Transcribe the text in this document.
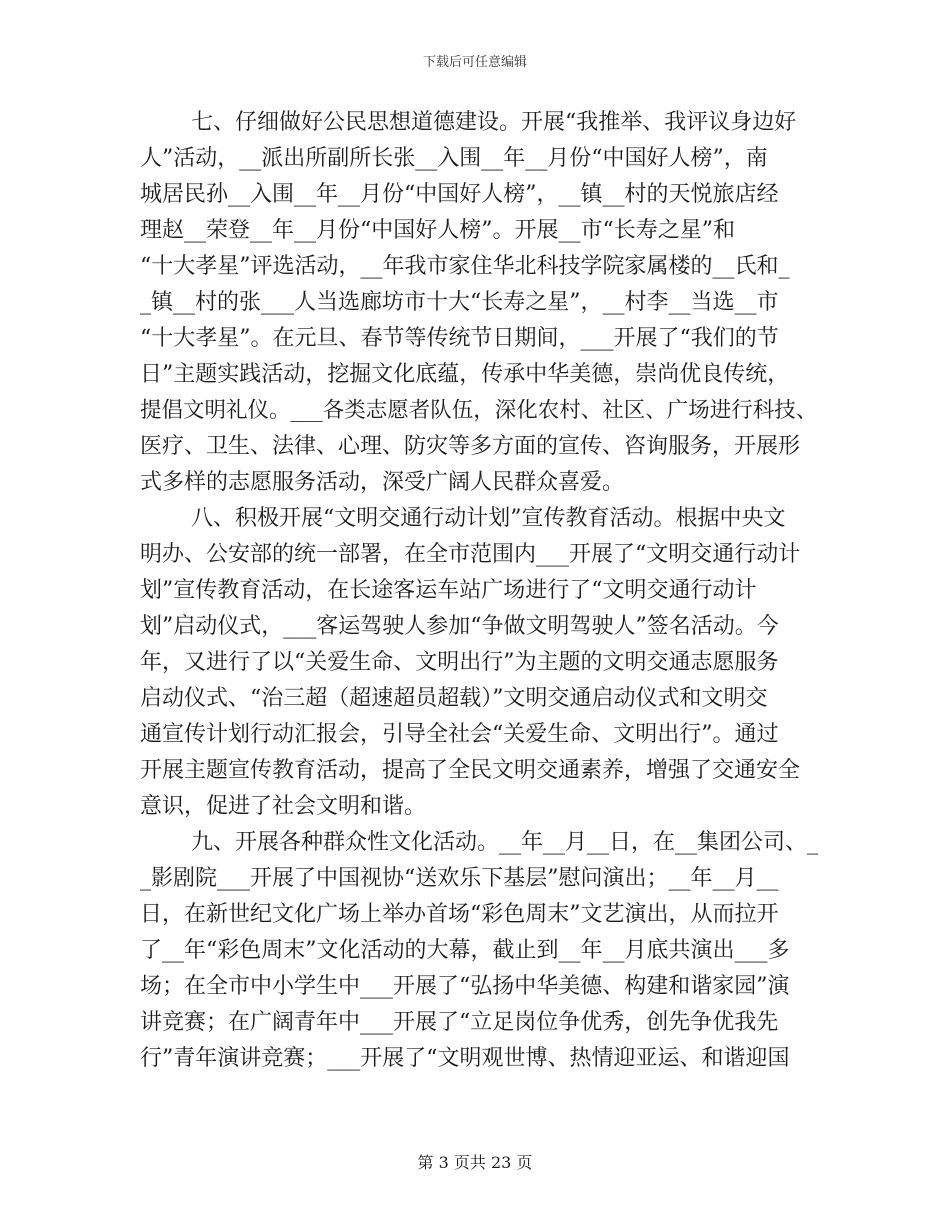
下载后可任意编辑
七、仔细做好公民思想道德建设。开展“我推举、我评议身边好
人”活动，__派出所副所长张__入围__年__月份“中国好人榜”，南
城居民孙__入围__年__月份“中国好人榜”，__镇__村的天悦旅店经
理赵__荣登__年__月份“中国好人榜”。开展__市“长寿之星”和
“十大孝星”评选活动，__年我市家住华北科技学院家属楼的__氏和_
_镇__村的张___人当选廊坊市十大“长寿之星”，__村李__当选__市
“十大孝星”。在元旦、春节等传统节日期间，___开展了“我们的节
日”主题实践活动，挖掘文化底蕴，传承中华美德，崇尚优良传统，
提倡文明礼仪。___各类志愿者队伍，深化农村、社区、广场进行科技、
医疗、卫生、法律、心理、防灾等多方面的宣传、咨询服务，开展形
式多样的志愿服务活动，深受广阔人民群众喜爱。
八、积极开展“文明交通行动计划”宣传教育活动。根据中央文
明办、公安部的统一部署，在全市范围内___开展了“文明交通行动计
划”宣传教育活动，在长途客运车站广场进行了“文明交通行动计
划”启动仪式，___客运驾驶人参加“争做文明驾驶人”签名活动。今
年，又进行了以“关爱生命、文明出行”为主题的文明交通志愿服务
启动仪式、“治三超（超速超员超载）”文明交通启动仪式和文明交
通宣传计划行动汇报会，引导全社会“关爱生命、文明出行”。通过
开展主题宣传教育活动，提高了全民文明交通素养，增强了交通安全
意识，促进了社会文明和谐。
九、开展各种群众性文化活动。__年__月__日，在__集团公司、_
_影剧院___开展了中国视协“送欢乐下基层”慰问演出；__年__月__
日，在新世纪文化广场上举办首场“彩色周末”文艺演出，从而拉开
了__年“彩色周末”文化活动的大幕，截止到__年__月底共演出___多
场；在全市中小学生中___开展了“弘扬中华美德、构建和谐家园”演
讲竞赛；在广阔青年中___开展了“立足岗位争优秀，创先争优我先
行”青年演讲竞赛；___开展了“文明观世博、热情迎亚运、和谐迎国
第 3 页共 23 页
